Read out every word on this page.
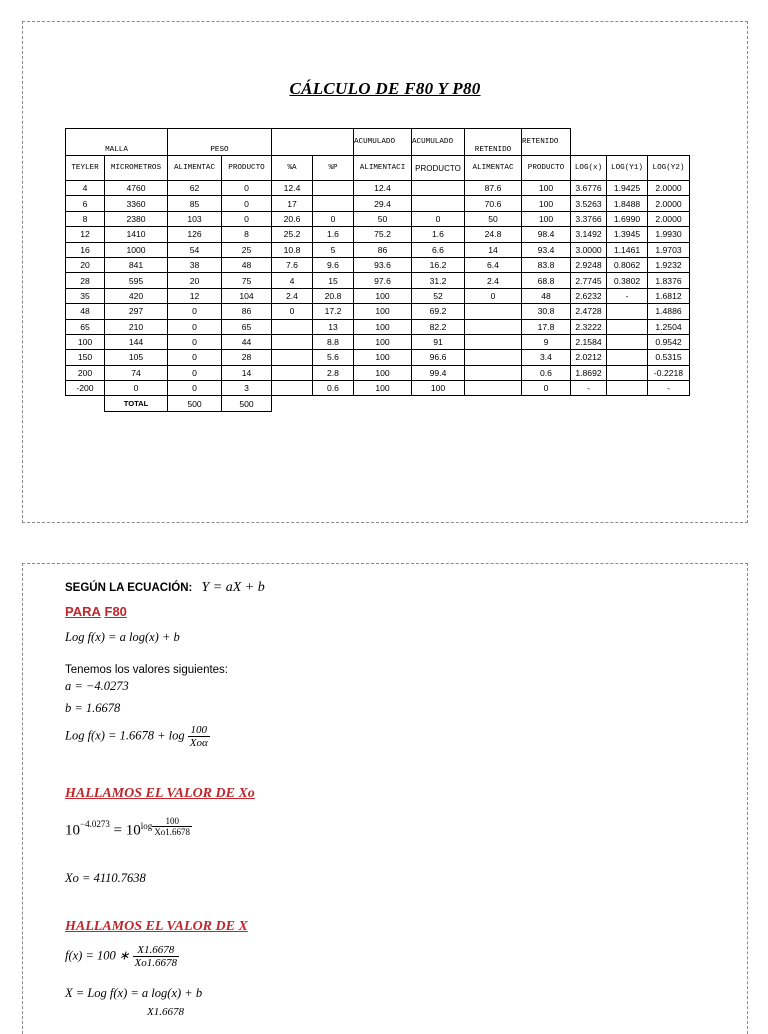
CÁLCULO DE F80 Y P80
MALLA		PESO				ACUMULADO	ACUMULADO	RETENIDO	RETENIDO			
TEYLER	MICROMETROS	ALIMENTAC	PRODUCTO	%A	%P	ALIMENTACI	PRODUCTO	ALIMENTAC	PRODUCTO	LOG(x)	LOG(Y1)	LOG(Y2)
4	4760	62	0	12.4		12.4		87.6	100	3.6776	1.9425	2.0000
6	3360	85	0	17		29.4		70.6	100	3.5263	1.8488	2.0000
8	2380	103	0	20.6	0	50	0	50	100	3.3766	1.6990	2.0000
12	1410	126	8	25.2	1.6	75.2	1.6	24.8	98.4	3.1492	1.3945	1.9930
16	1000	54	25	10.8	5	86	6.6	14	93.4	3.0000	1.1461	1.9703
20	841	38	48	7.6	9.6	93.6	16.2	6.4	83.8	2.9248	0.8062	1.9232
28	595	20	75	4	15	97.6	31.2	2.4	68.8	2.7745	0.3802	1.8376
35	420	12	104	2.4	20.8	100	52	0	48	2.6232	-	1.6812
48	297	0	86	0	17.2	100	69.2		30.8	2.4728		1.4886
65	210	0	65		13	100	82.2		17.8	2.3222		1.2504
100	144	0	44		8.8	100	91		9	2.1584		0.9542
150	105	0	28		5.6	100	96.6		3.4	2.0212		0.5315
200	74	0	14		2.8	100	99.4		0.6	1.8692		-0.2218
-200	0	0	3		0.6	100	100		0	-		-
	TOTAL	500	500									
SEGÚN LA ECUACIÓN: Y = aX + b
PARA F80
Log f(x) = a log(x) + b
Tenemos los valores siguientes:
a = −4.0273
b = 1.6678
Log $f(x) = 1.6678 + \log \frac{100}{\text{Xoα}}$
HALLAMOS EL VALOR DE Xo
$10^{-4.0273} = 10^{log \frac{100}{Xo1.6678}}$
Xo = 4110.7638
HALLAMOS EL VALOR DE X
f(x) = 100 ∗ $\frac{X1.6678}{Xo1.6678}$
X = Log f(x) = a log(x) + b
X1.6678
